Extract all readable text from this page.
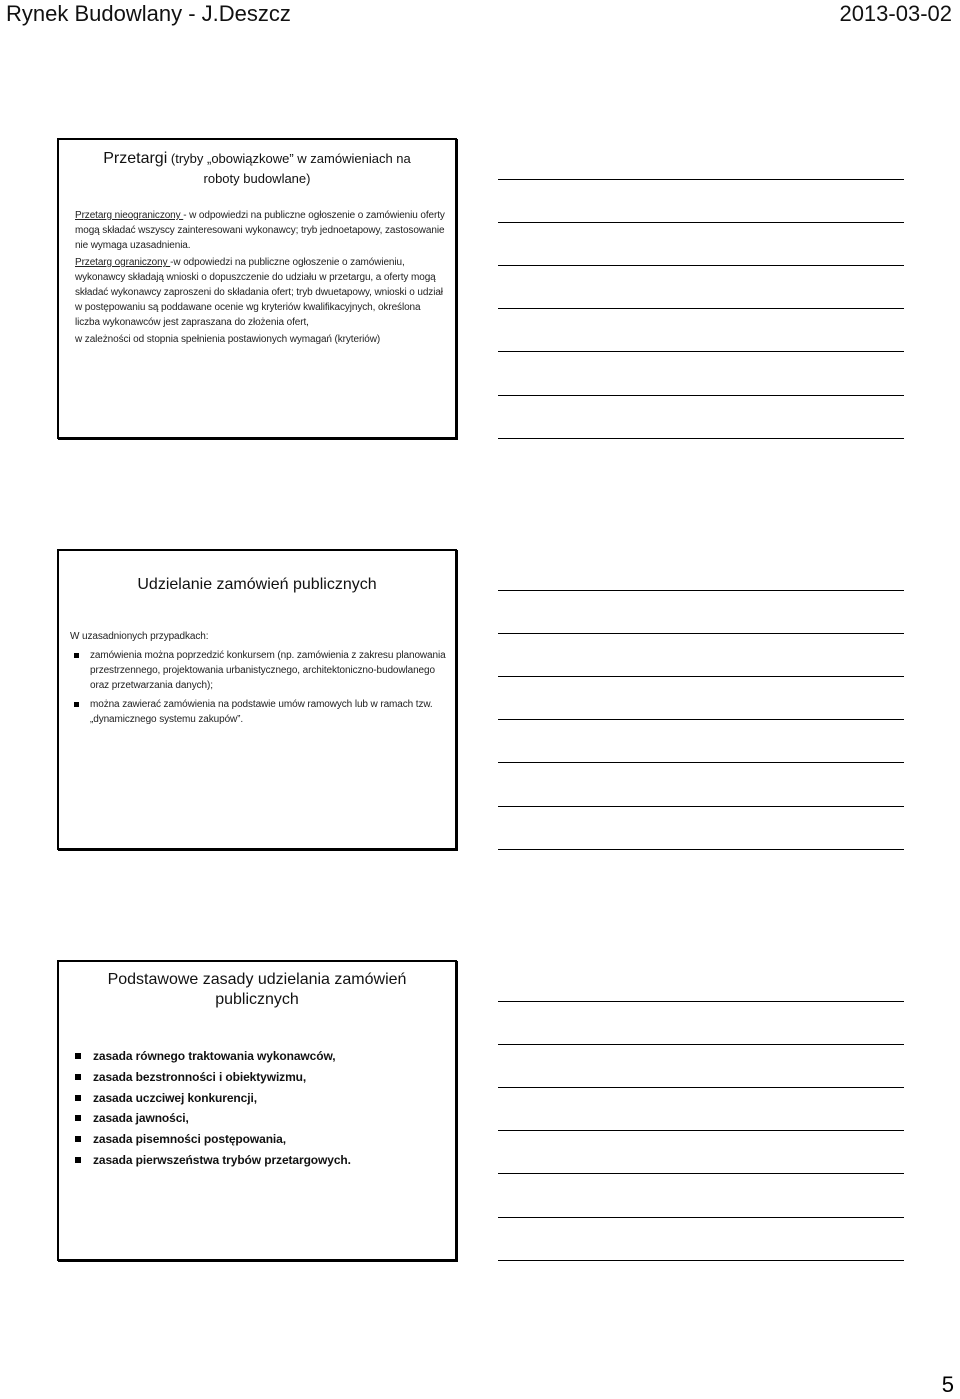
Rynek Budowlany - J.Deszcz	2013-03-02
Przetargi (tryby „obowiązkowe” w zamówieniach na
roboty budowlane)

Przetarg nieograniczony - w odpowiedzi na publiczne ogłoszenie o zamówieniu oferty mogą składać wszyscy zainteresowani wykonawcy; tryb jednoetapowy, zastosowanie nie wymaga uzasadnienia.

Przetarg ograniczony -w odpowiedzi na publiczne ogłoszenie o zamówieniu, wykonawcy składają wnioski o dopuszczenie do udziału w przetargu, a oferty mogą składać wykonawcy zaproszeni do składania ofert; tryb dwuetapowy, wnioski o udział w postępowaniu są poddawane ocenie wg kryteriów kwalifikacyjnych, określona liczba wykonawców jest zapraszana do złożenia ofert,

w zależności od stopnia spełnienia postawionych wymagań (kryteriów)

Udzielanie zamówień publicznych
W uzasadnionych przypadkach:
zamówienia można poprzedzić konkursem (np. zamówienia z zakresu planowania przestrzennego, projektowania urbanistycznego, architektoniczno-budowlanego oraz przetwarzania danych);
można zawierać zamówienia na podstawie umów ramowych lub w ramach tzw. „dynamicznego systemu zakupów”.
Podstawowe zasady udzielania zamówień
publicznych
zasada równego traktowania wykonawców,
zasada bezstronności i obiektywizmu,
zasada uczciwej konkurencji,
zasada jawności,
zasada pisemności postępowania,
zasada pierwszeństwa trybów przetargowych.
5
